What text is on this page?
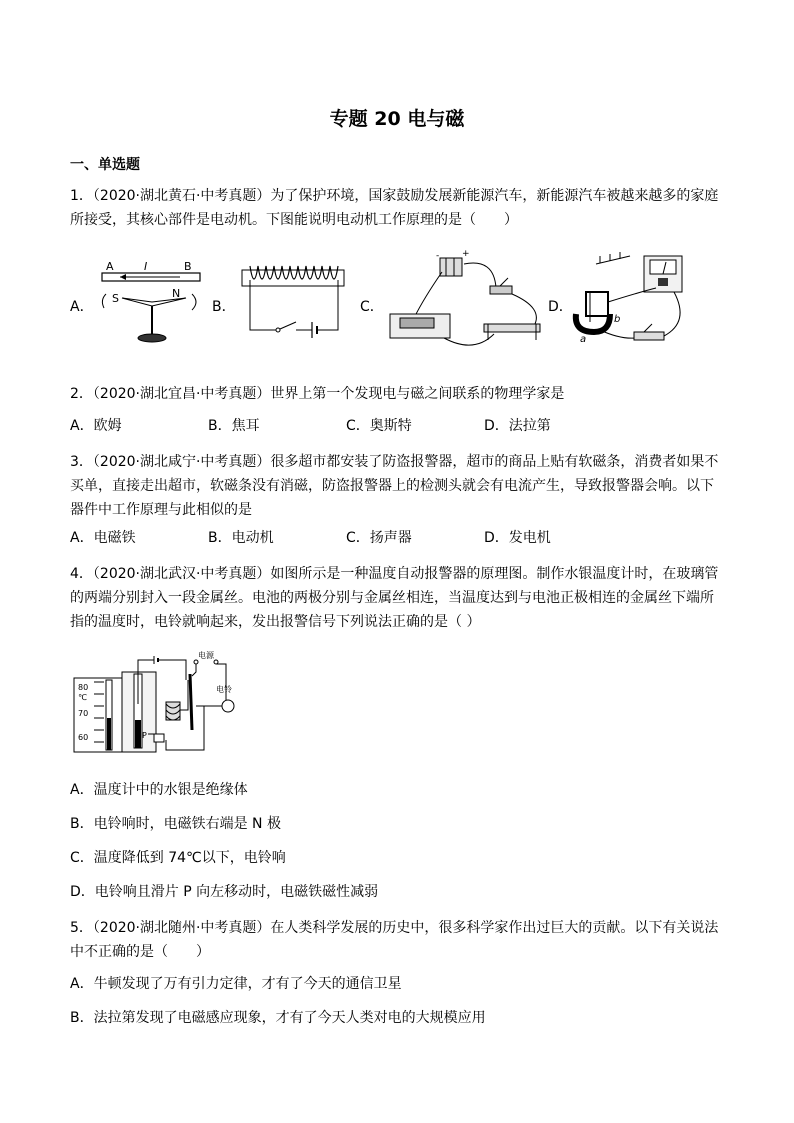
专题 20 电与磁
一、单选题
1．（2020·湖北黄石·中考真题）为了保护环境，国家鼓励发展新能源汽车，新能源汽车被越来越多的家庭所接受，其核心部件是电动机。下图能说明电动机工作原理的是（　　）
A．
A	I	B
S	N
B．	C．
-	+
D．
a
b
2．（2020·湖北宜昌·中考真题）世界上第一个发现电与磁之间联系的物理学家是
A．欧姆	B．焦耳	C．奥斯特	D．法拉第
3．（2020·湖北咸宁·中考真题）很多超市都安装了防盗报警器，超市的商品上贴有软磁条，消费者如果不买单，直接走出超市，软磁条没有消磁，防盗报警器上的检测头就会有电流产生，导致报警器会响。以下器件中工作原理与此相似的是
A．电磁铁	B．电动机	C．扬声器	D．发电机
4．（2020·湖北武汉·中考真题）如图所示是一种温度自动报警器的原理图。制作水银温度计时，在玻璃管的两端分别封入一段金属丝。电池的两极分别与金属丝相连，当温度达到与电池正极相连的金属丝下端所指的温度时，电铃就响起来，发出报警信号下列说法正确的是（ ）
80
℃
70
60	P
电源
电铃
A．温度计中的水银是绝缘体
B．电铃响时，电磁铁右端是 N 极
C．温度降低到 74℃以下，电铃响
D．电铃响且滑片 P 向左移动时，电磁铁磁性减弱
5．（2020·湖北随州·中考真题）在人类科学发展的历史中，很多科学家作出过巨大的贡献。以下有关说法中不正确的是（　　）
A．牛顿发现了万有引力定律，才有了今天的通信卫星
B．法拉第发现了电磁感应现象，才有了今天人类对电的大规模应用
